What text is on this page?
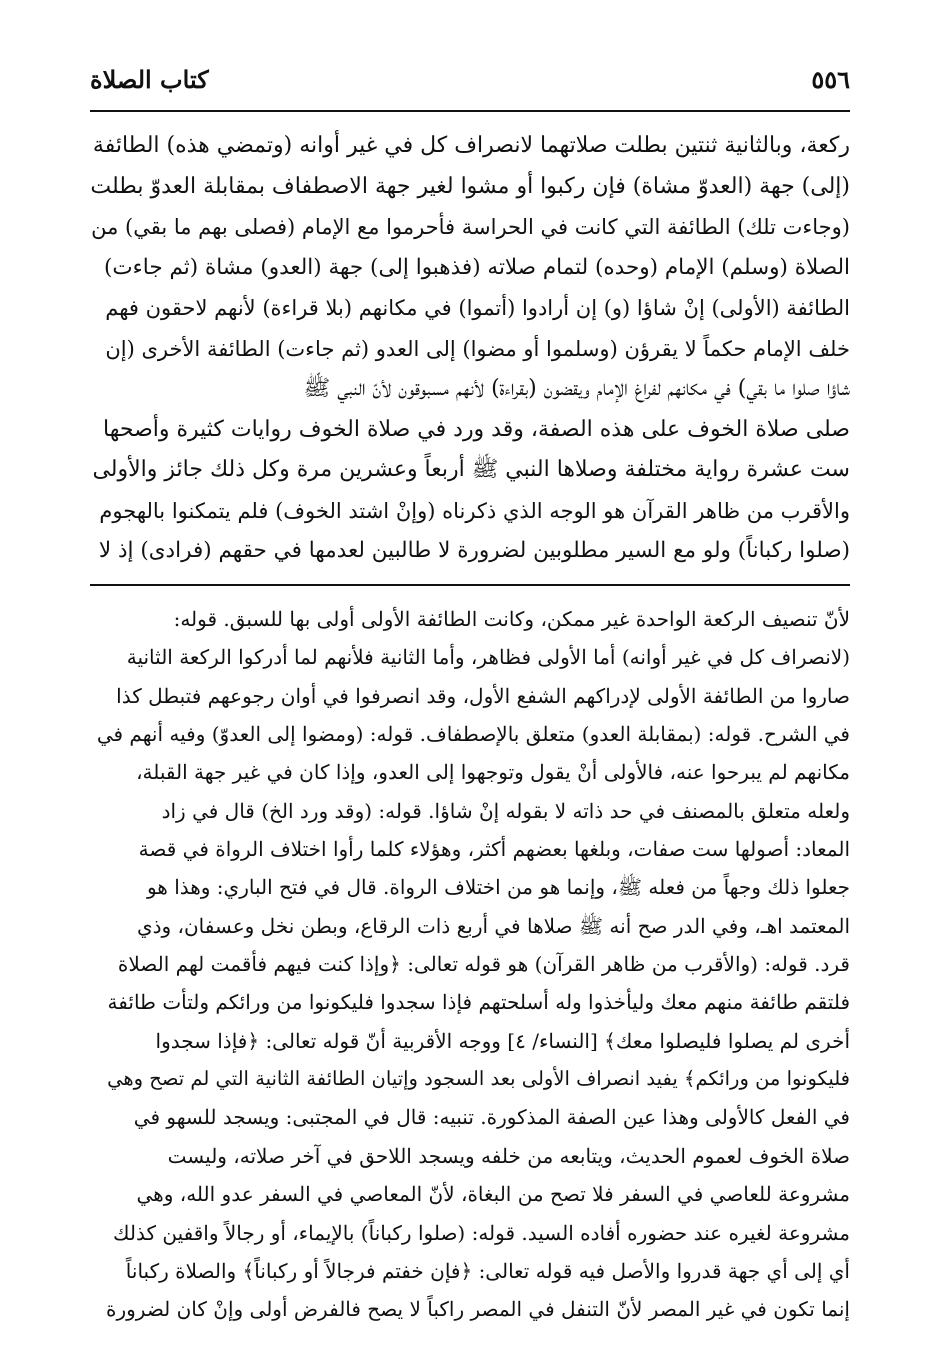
٥٥٦
كتاب الصلاة
ركعة، وبالثانية ثنتين بطلت صلاتهما لانصراف كل في غير أوانه (وتمضي هذه) الطائفة
(إلى) جهة (العدوّ مشاة) فإن ركبوا أو مشوا لغير جهة الاصطفاف بمقابلة العدوّ بطلت
(وجاءت تلك) الطائفة التي كانت في الحراسة فأحرموا مع الإمام (فصلى بهم ما بقي) من
الصلاة (وسلم) الإمام (وحده) لتمام صلاته (فذهبوا إلى) جهة (العدو) مشاة (ثم جاءت)
الطائفة (الأولى) إنْ شاؤا (و) إن أرادوا (أتموا) في مكانهم (بلا قراءة) لأنهم لاحقون فهم
خلف الإمام حكماً لا يقرؤن (وسلموا أو مضوا) إلى العدو (ثم جاءت) الطائفة الأخرى (إن
شاؤا صلوا ما بقي) في مكانهم لفراغ الإمام ويقضون (بقراءة) لأنهم مسبوقون لأنّ النبي ﷺ
صلى صلاة الخوف على هذه الصفة، وقد ورد في صلاة الخوف روايات كثيرة وأصحها
ست عشرة رواية مختلفة وصلاها النبي ﷺ أربعاً وعشرين مرة وكل ذلك جائز والأولى
والأقرب من ظاهر القرآن هو الوجه الذي ذكرناه (وإنْ اشتد الخوف) فلم يتمكنوا بالهجوم
(صلوا ركباناً) ولو مع السير مطلوبين لضرورة لا طالبين لعدمها في حقهم (فرادى) إذ لا
لأنّ تنصيف الركعة الواحدة غير ممكن، وكانت الطائفة الأولى أولى بها للسبق. قوله:
(لانصراف كل في غير أوانه) أما الأولى فظاهر، وأما الثانية فلأنهم لما أدركوا الركعة الثانية
صاروا من الطائفة الأولى لإدراكهم الشفع الأول، وقد انصرفوا في أوان رجوعهم فتبطل كذا
في الشرح. قوله: (بمقابلة العدو) متعلق بالإصطفاف. قوله: (ومضوا إلى العدوّ) وفيه أنهم في
مكانهم لم يبرحوا عنه، فالأولى أنْ يقول وتوجهوا إلى العدو، وإذا كان في غير جهة القبلة،
ولعله متعلق بالمصنف في حد ذاته لا بقوله إنْ شاؤا. قوله: (وقد ورد الخ) قال في زاد
المعاد: أصولها ست صفات، وبلغها بعضهم أكثر، وهؤلاء كلما رأوا اختلاف الرواة في قصة
جعلوا ذلك وجهاً من فعله ﷺ، وإنما هو من اختلاف الرواة. قال في فتح الباري: وهذا هو
المعتمد اهـ، وفي الدر صح أنه ﷺ صلاها في أربع ذات الرقاع، وبطن نخل وعسفان، وذي
قرد. قوله: (والأقرب من ظاهر القرآن) هو قوله تعالى: ﴿وإذا كنت فيهم فأقمت لهم الصلاة
فلتقم طائفة منهم معك وليأخذوا وله أسلحتهم فإذا سجدوا فليكونوا من ورائكم ولتأت طائفة
أخرى لم يصلوا فليصلوا معك﴾ [النساء/ ٤] ووجه الأقربية أنّ قوله تعالى: ﴿فإذا سجدوا
فليكونوا من ورائكم﴾ يفيد انصراف الأولى بعد السجود وإتيان الطائفة الثانية التي لم تصح وهي
في الفعل كالأولى وهذا عين الصفة المذكورة. تنبيه: قال في المجتبى: ويسجد للسهو في
صلاة الخوف لعموم الحديث، ويتابعه من خلفه ويسجد اللاحق في آخر صلاته، وليست
مشروعة للعاصي في السفر فلا تصح من البغاة، لأنّ المعاصي في السفر عدو الله، وهي
مشروعة لغيره عند حضوره أفاده السيد. قوله: (صلوا ركباناً) بالإيماء، أو رجالاً واقفين كذلك
أي إلى أي جهة قدروا والأصل فيه قوله تعالى: ﴿فإن خفتم فرجالاً أو ركباناً﴾ والصلاة ركباناً
إنما تكون في غير المصر لأنّ التنفل في المصر راكباً لا يصح فالفرض أولى وإنْ كان لضرورة
